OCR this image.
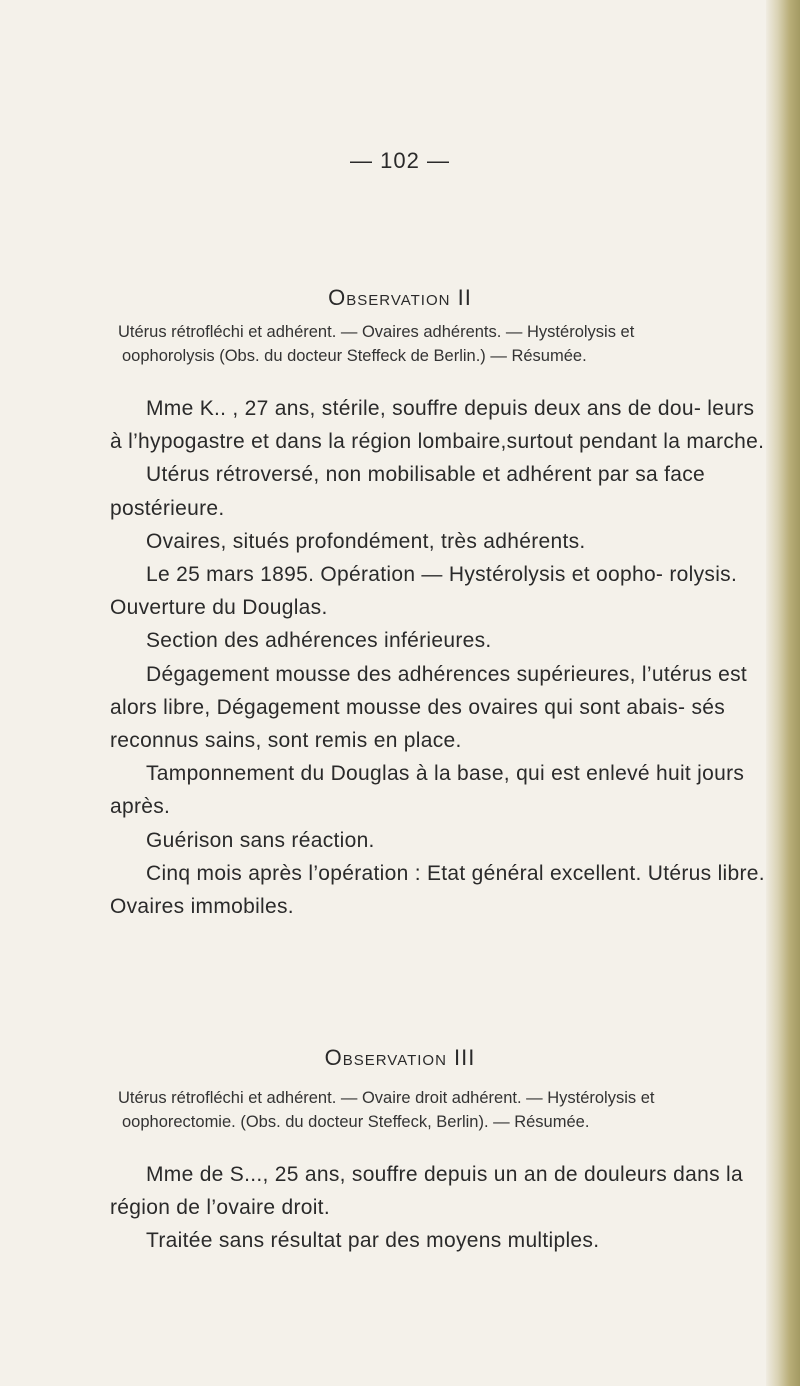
— 102 —
Observation II

Utérus rétrofléchi et adhérent. — Ovaires adhérents. — Hystérolysis et

oophorolysis (Obs. du docteur Steffeck de Berlin.) — Résumée.

Mme K.. , 27 ans, stérile, souffre depuis deux ans de dou- leurs à l’hypogastre et dans la région lombaire,surtout pendant la marche.

Utérus rétroversé, non mobilisable et adhérent par sa face postérieure.

Ovaires, situés profondément, très adhérents.

Le 25 mars 1895. Opération — Hystérolysis et oopho- rolysis. Ouverture du Douglas.

Section des adhérences inférieures.

Dégagement mousse des adhérences supérieures, l’utérus est alors libre, Dégagement mousse des ovaires qui sont abais- sés reconnus sains, sont remis en place.

Tamponnement du Douglas à la base, qui est enlevé huit jours après.

Guérison sans réaction.

Cinq mois après l’opération : Etat général excellent. Utérus libre. Ovaires immobiles.

Observation III

Utérus rétrofléchi et adhérent. — Ovaire droit adhérent. — Hystérolysis et

oophorectomie. (Obs. du docteur Steffeck, Berlin). — Résumée.

Mme de S..., 25 ans, souffre depuis un an de douleurs dans la région de l’ovaire droit.

Traitée sans résultat par des moyens multiples.
